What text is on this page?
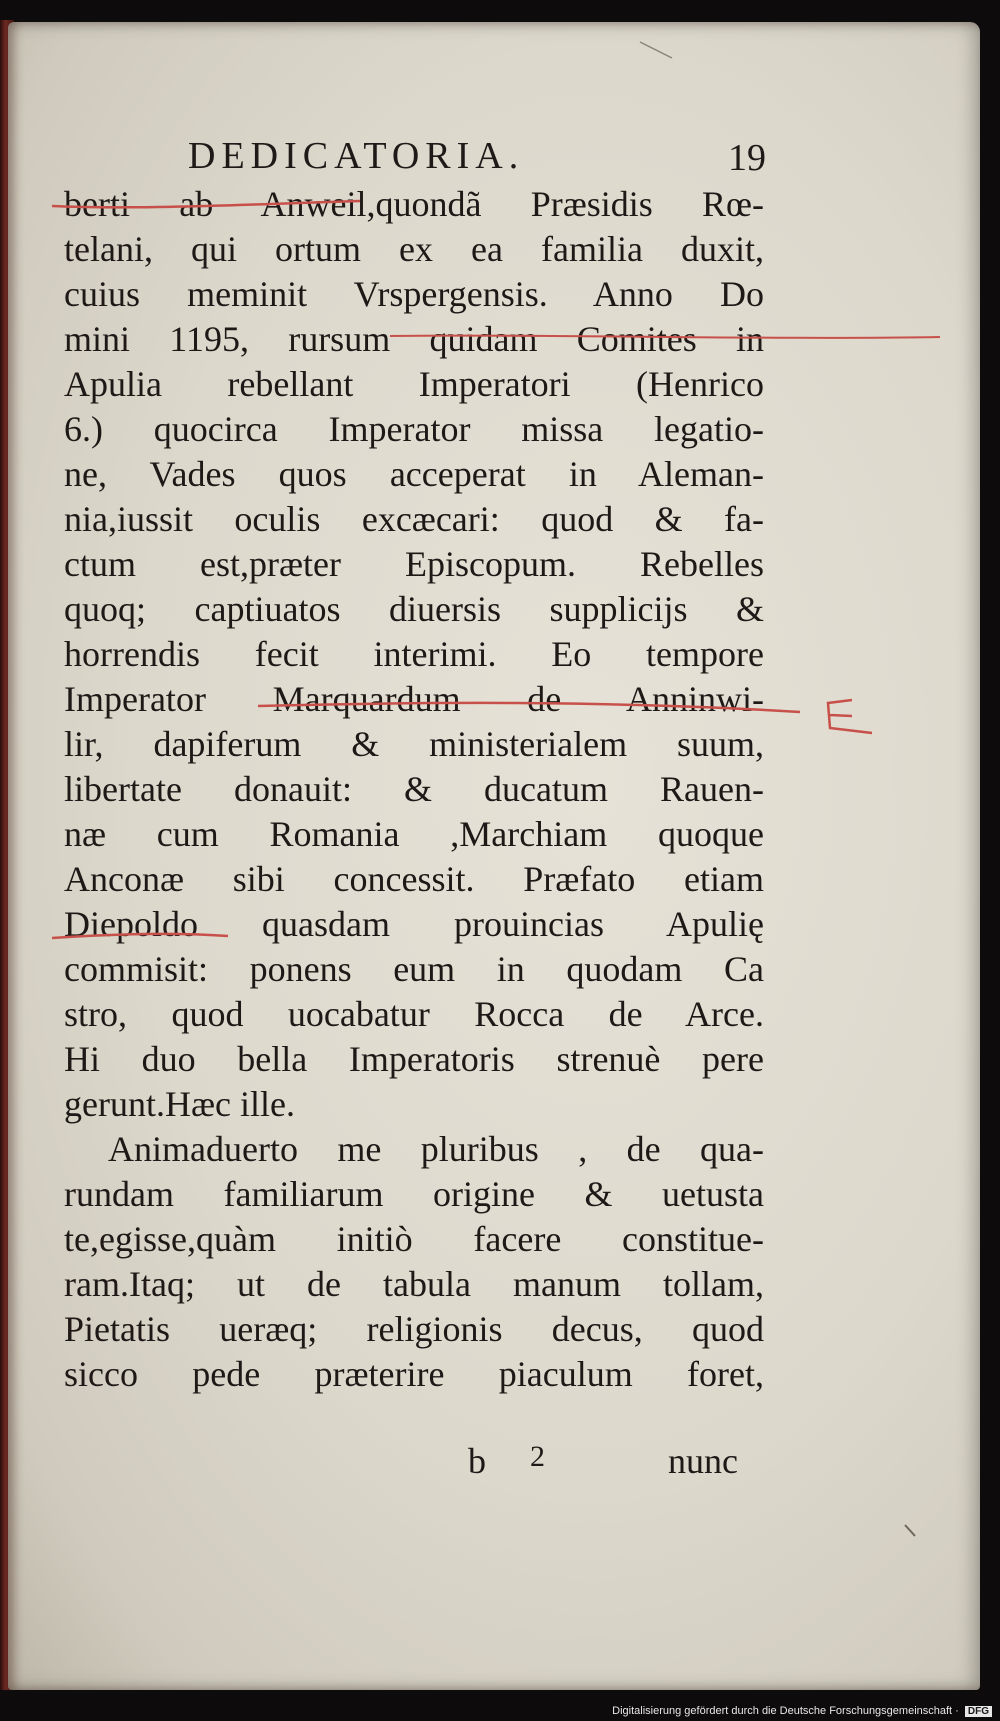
DEDICATORIA.	19
berti ab Anweil,quondã Præsidis Rœ-
telani, qui ortum ex ea familia duxit,
cuius meminit Vrspergensis. Anno Do
mini 1195, rursum quidam Comites in
Apulia rebellant Imperatori (Henrico
6.) quocirca Imperator missa legatio-
ne, Vades quos acceperat in Aleman-
nia,iussit oculis excæcari: quod & fa-
ctum est,præter Episcopum. Rebelles
quoq; captiuatos diuersis supplicijs &
horrendis fecit interimi. Eo tempore
Imperator Marquardum de Anninwi-
lir, dapiferum & ministerialem suum,
libertate donauit: & ducatum Rauen-
næ cum Romania ,Marchiam quoque
Anconæ sibi concessit. Præfato etiam
Diepoldo quasdam prouincias Apulię
commisit: ponens eum in quodam Ca
stro, quod uocabatur Rocca de Arce.
Hi duo bella Imperatoris strenuè pere
gerunt.Hæc ille.
Animaduerto me pluribus , de qua-
rundam familiarum origine & uetusta
te,egisse,quàm initiò facere constitue-
ram.Itaq; ut de tabula manum tollam,
Pietatis ueræq; religionis decus, quod
sicco pede præterire piaculum foret,
b 2	nunc
Digitalisierung gefördert durch die Deutsche Forschungsgemeinschaft · DFG
